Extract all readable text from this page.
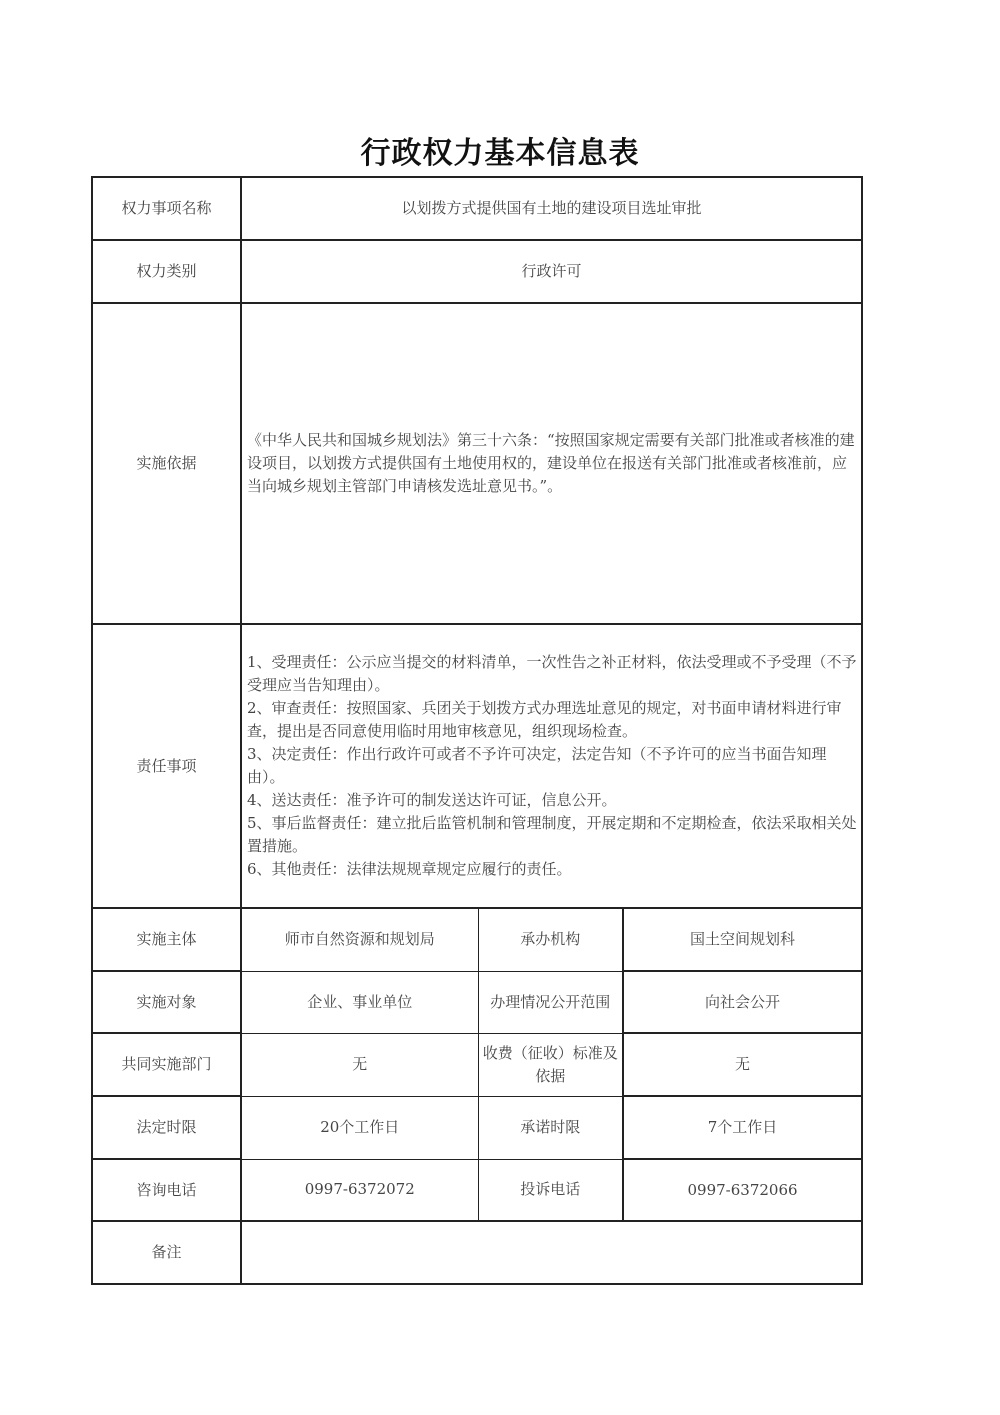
行政权力基本信息表
权力事项名称	以划拨方式提供国有土地的建设项目选址审批		
权力类别	行政许可		
实施依据	《中华人民共和国城乡规划法》第三十六条：“按照国家规定需要有关部门批准或者核准的建设项目，以划拨方式提供国有土地使用权的，建设单位在报送有关部门批准或者核准前，应当向城乡规划主管部门申请核发选址意见书。”。		
责任事项	
1、受理责任：公示应当提交的材料清单，一次性告之补正材料，依法受理或不予受理（不予受理应当告知理由）。
2、审查责任：按照国家、兵团关于划拨方式办理选址意见的规定，对书面申请材料进行审查，提出是否同意使用临时用地审核意见，组织现场检查。
3、决定责任：作出行政许可或者不予许可决定，法定告知（不予许可的应当书面告知理由）。
4、送达责任：准予许可的制发送达许可证，信息公开。
5、事后监督责任：建立批后监管机制和管理制度，开展定期和不定期检查，依法采取相关处置措施。
6、其他责任：法律法规规章规定应履行的责任。

实施主体	师市自然资源和规划局	承办机构	国土空间规划科
实施对象	企业、事业单位	办理情况公开范围	向社会公开
共同实施部门	无	收费（征收）标准及依据	无
法定时限	20个工作日	承诺时限	7个工作日
咨询电话	0997-6372072	投诉电话	0997-6372066
备注			
